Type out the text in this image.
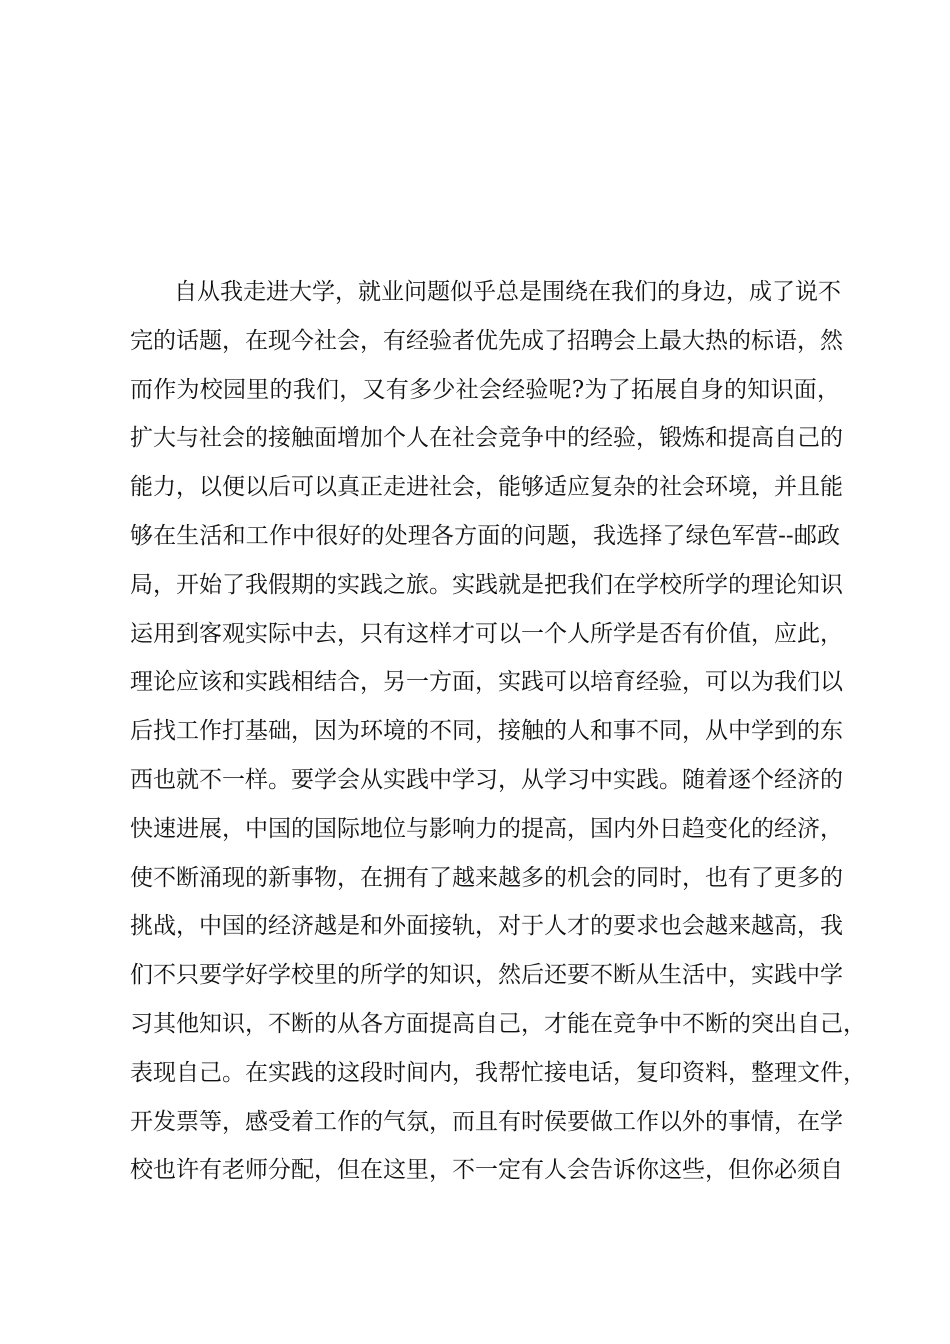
自从我走进大学，就业问题似乎总是围绕在我们的身边，成了说不
完的话题，在现今社会，有经验者优先成了招聘会上最大热的标语，然
而作为校园里的我们，又有多少社会经验呢?为了拓展自身的知识面，
扩大与社会的接触面增加个人在社会竞争中的经验，锻炼和提高自己的
能力，以便以后可以真正走进社会，能够适应复杂的社会环境，并且能
够在生活和工作中很好的处理各方面的问题，我选择了绿色军营--邮政
局，开始了我假期的实践之旅。实践就是把我们在学校所学的理论知识
运用到客观实际中去，只有这样才可以一个人所学是否有价值，应此，
理论应该和实践相结合，另一方面，实践可以培育经验，可以为我们以
后找工作打基础，因为环境的不同，接触的人和事不同，从中学到的东
西也就不一样。要学会从实践中学习，从学习中实践。随着逐个经济的
快速进展，中国的国际地位与影响力的提高，国内外日趋变化的经济，
使不断涌现的新事物，在拥有了越来越多的机会的同时，也有了更多的
挑战，中国的经济越是和外面接轨，对于人才的要求也会越来越高，我
们不只要学好学校里的所学的知识，然后还要不断从生活中，实践中学
习其他知识，不断的从各方面提高自己，才能在竞争中不断的突出自己，
表现自己。在实践的这段时间内，我帮忙接电话，复印资料，整理文件，
开发票等，感受着工作的气氛，而且有时侯要做工作以外的事情，在学
校也许有老师分配，但在这里，不一定有人会告诉你这些，但你必须自
